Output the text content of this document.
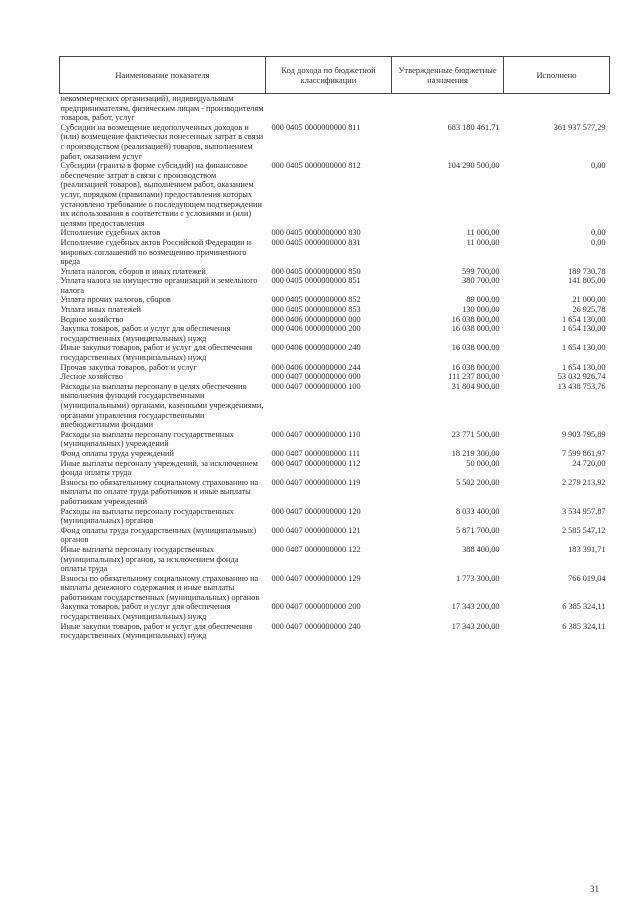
Наименование показателя	Код дохода по бюджетной классификации	Утвержденные бюджетные назначения	Исполнено
некоммерческих организаций), индивидуальным предпринимателям, физическим лицам - производителям товаров, работ, услуг			
Субсидии на возмещение недополученных доходов и (или) возмещение фактически понесенных затрат в связи с производством (реализацией) товаров, выполнением работ, оказанием услуг	000 0405 0000000000 811	683 180 461,71	361 937 577,29
Субсидии (гранты в форме субсидий) на финансовое обеспечение затрат в связи с производством (реализацией товаров), выполнением работ, оказанием услуг, порядком (правилами) предоставления которых установлено требование о последующем подтверждении их использования в соответствии с условиями и (или) целями предоставления	000 0405 0000000000 812	104 290 500,00	0,00
Исполнение судебных актов	000 0405 0000000000 830	11 000,00	0,00
Исполнение судебных актов Российской Федерации и мировых соглашений по возмещению причиненного вреда	000 0405 0000000000 831	11 000,00	0,00
Уплата налогов, сборов и иных платежей	000 0405 0000000000 850	599 700,00	189 730,78
Уплата налога на имущество организаций и земельного налога	000 0405 0000000000 851	380 700,00	141 805,00
Уплата прочих налогов, сборов	000 0405 0000000000 852	89 000,00	21 000,00
Уплата иных платежей	000 0405 0000000000 853	130 000,00	26 925,78
Водное хозяйство	000 0406 0000000000 000	16 038 000,00	1 654 130,00
Закупка товаров, работ и услуг для обеспечения государственных (муниципальных) нужд	000 0406 0000000000 200	16 038 000,00	1 654 130,00
Иные закупки товаров, работ и услуг для обеспечения государственных (муниципальных) нужд	000 0406 0000000000 240	16 038 000,00	1 654 130,00
Прочая закупка товаров, работ и услуг	000 0406 0000000000 244	16 038 000,00	1 654 130,00
Лесное хозяйство	000 0407 0000000000 000	111 237 800,00	53 032 926,74
Расходы на выплаты персоналу в целях обеспечения выполнения функций государственными (муниципальными) органами, казенными учреждениями, органами управления государственными внебюджетными фондами	000 0407 0000000000 100	31 804 900,00	13 438 753,76
Расходы на выплаты персоналу государственных (муниципальных) учреждений	000 0407 0000000000 110	23 771 500,00	9 903 795,89
Фонд оплаты труда учреждений	000 0407 0000000000 111	18 219 300,00	7 599 861,97
Иные выплаты персоналу учреждений, за исключением фонда оплаты труда	000 0407 0000000000 112	50 000,00	24 720,00
Взносы по обязательному социальному страхованию на выплаты по оплате труда работников и иные выплаты работникам учреждений	000 0407 0000000000 119	5 502 200,00	2 279 213,92
Расходы на выплаты персоналу государственных (муниципальных) органов	000 0407 0000000000 120	8 033 400,00	3 534 957,87
Фонд оплаты труда государственных (муниципальных) органов	000 0407 0000000000 121	5 871 700,00	2 585 547,12
Иные выплаты персоналу государственных (муниципальных) органов, за исключением фонда оплаты труда	000 0407 0000000000 122	388 400,00	183 391,71
Взносы по обязательному социальному страхованию на выплаты денежного содержания и иные выплаты работникам государственных (муниципальных) органов	000 0407 0000000000 129	1 773 300,00	766 019,04
Закупка товаров, работ и услуг для обеспечения государственных (муниципальных) нужд	000 0407 0000000000 200	17 343 200,00	6 385 324,11
Иные закупки товаров, работ и услуг для обеспечения государственных (муниципальных) нужд	000 0407 0000000000 240	17 343 200,00	6 385 324,11
31
